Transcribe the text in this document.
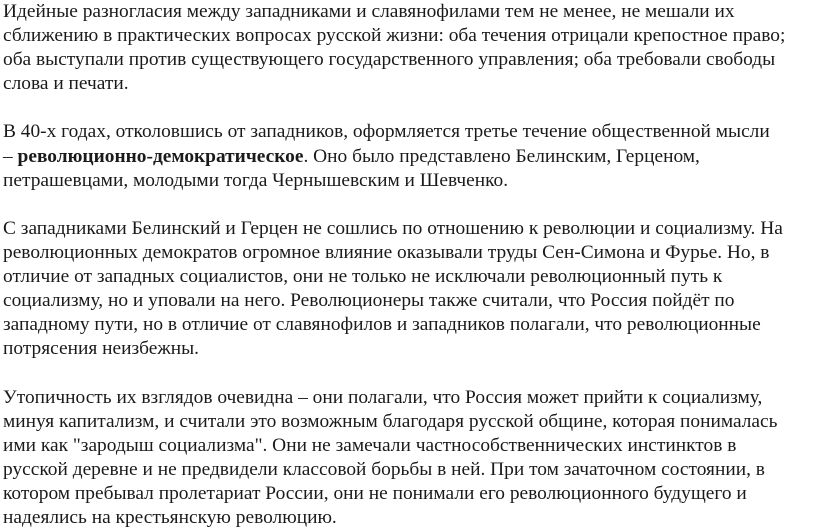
Идейные разногласия между западниками и славянофилами тем не менее, не мешали их
сближению в практических вопросах русской жизни: оба течения отрицали крепостное право;
оба выступали против существующего государственного управления; оба требовали свободы
слова и печати.

В 40-х годах, отколовшись от западников, оформляется третье течение общественной мысли
– революционно-демократическое. Оно было представлено Белинским, Герценом,
петрашевцами, молодыми тогда Чернышевским и Шевченко.

С западниками Белинский и Герцен не сошлись по отношению к революции и социализму. На
революционных демократов огромное влияние оказывали труды Сен-Симона и Фурье. Но, в
отличие от западных социалистов, они не только не исключали революционный путь к
социализму, но и уповали на него. Революционеры также считали, что Россия пойдёт по
западному пути, но в отличие от славянофилов и западников полагали, что революционные
потрясения неизбежны.

Утопичность их взглядов очевидна – они полагали, что Россия может прийти к социализму,
минуя капитализм, и считали это возможным благодаря русской общине, которая понималась
ими как "зародыш социализма". Они не замечали частнособственнических инстинктов в
русской деревне и не предвидели классовой борьбы в ней. При том зачаточном состоянии, в
котором пребывал пролетариат России, они не понимали его революционного будущего и
надеялись на крестьянскую революцию.
